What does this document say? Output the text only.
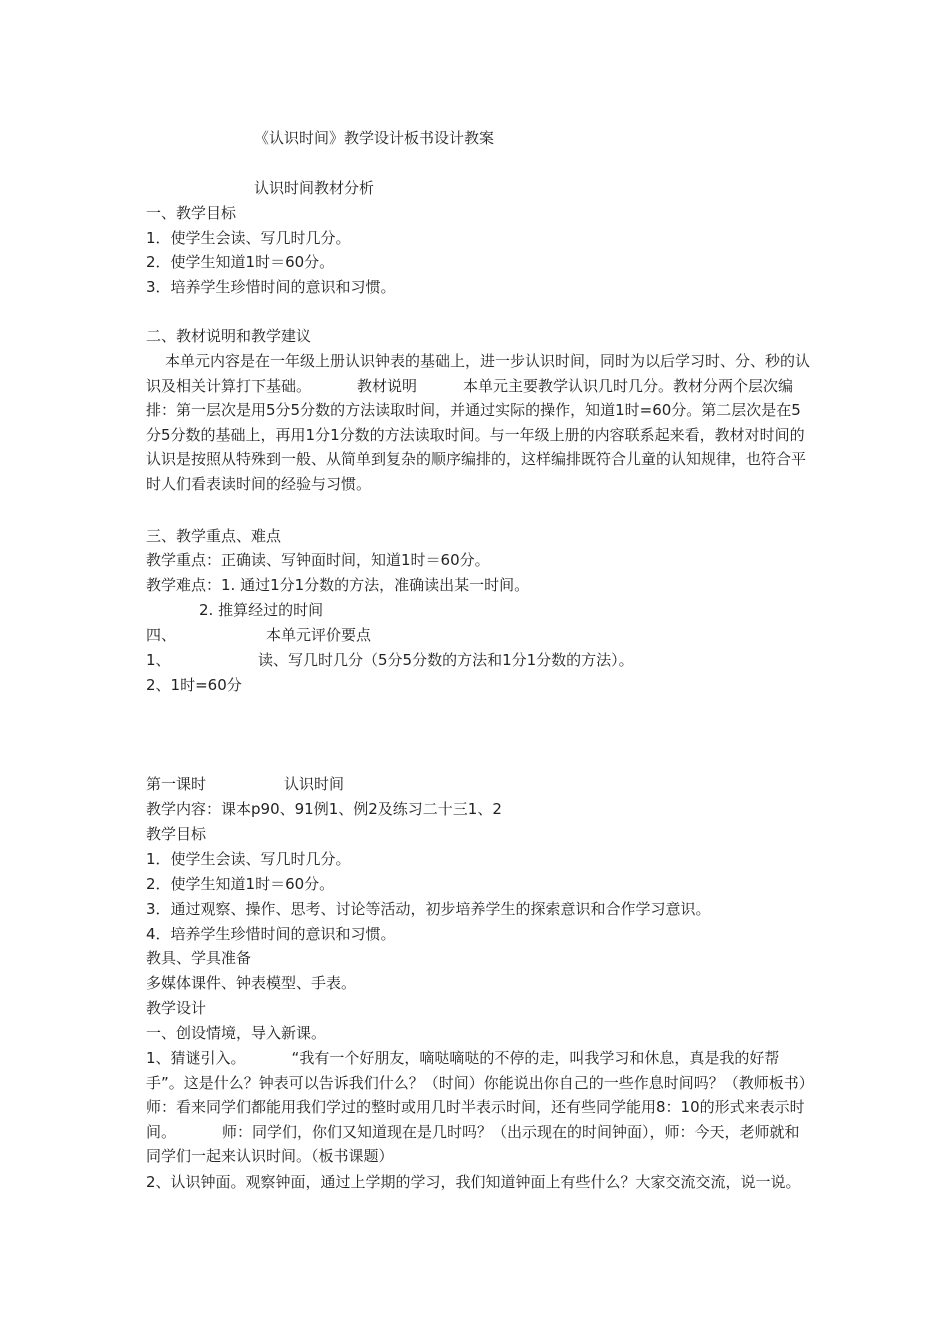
《认识时间》教学设计板书设计教案
认识时间教材分析
一、教学目标
1．使学生会读、写几时几分。
2．使学生知道1时＝60分。
3．培养学生珍惜时间的意识和习惯。
二、教材说明和教学建议
本单元内容是在一年级上册认识钟表的基础上，进一步认识时间，同时为以后学习时、分、秒的认识及相关计算打下基础。	教材说明	本单元主要教学认识几时几分。教材分两个层次编排：第一层次是用5分5分数的方法读取时间，并通过实际的操作，知道1时=60分。第二层次是在5分5分数的基础上，再用1分1分数的方法读取时间。与一年级上册的内容联系起来看，教材对时间的认识是按照从特殊到一般、从简单到复杂的顺序编排的，这样编排既符合儿童的认知规律，也符合平时人们看表读时间的经验与习惯。
三、教学重点、难点
教学重点：正确读、写钟面时间，知道1时＝60分。
教学难点：1. 通过1分1分数的方法，准确读出某一时间。
2. 推算经过的时间
四、	本单元评价要点
1、	读、写几时几分（5分5分数的方法和1分1分数的方法）。
2、1时=60分
第一课时	认识时间
教学内容：课本p90、91例1、例2及练习二十三1、2
教学目标
1．使学生会读、写几时几分。
2．使学生知道1时＝60分。
3．通过观察、操作、思考、讨论等活动，初步培养学生的探索意识和合作学习意识。
4．培养学生珍惜时间的意识和习惯。
教具、学具准备
多媒体课件、钟表模型、手表。
教学设计
一、创设情境，导入新课。
1、猜谜引入。	“我有一个好朋友，嘀哒嘀哒的不停的走，叫我学习和休息，真是我的好帮手”。这是什么？钟表可以告诉我们什么？（时间）你能说出你自己的一些作息时间吗？（教师板书）师：看来同学们都能用我们学过的整时或用几时半表示时间，还有些同学能用8：10的形式来表示时间。	师：同学们，你们又知道现在是几时吗？（出示现在的时间钟面），师：今天，老师就和同学们一起来认识时间。（板书课题）
2、认识钟面。观察钟面，通过上学期的学习，我们知道钟面上有些什么？大家交流交流，说一说。
